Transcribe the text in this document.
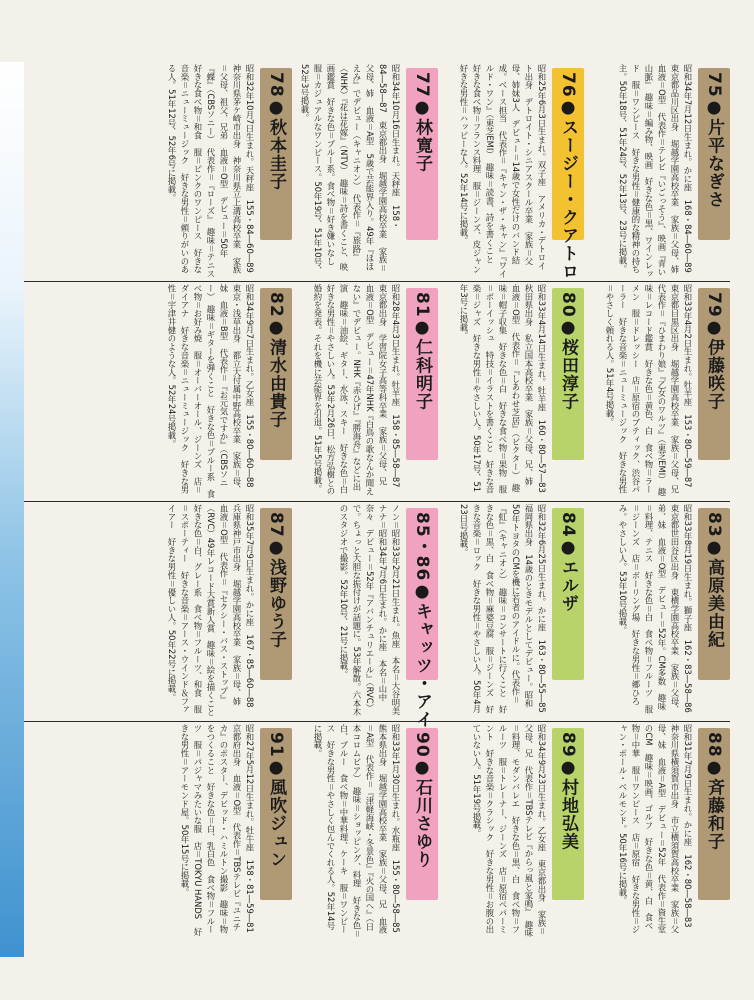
75●片平なぎさ
昭和34年7月12日生まれ。かに座　168・84―60―89　東京都品川区出身　堀越学園高校卒業　家族＝父母、姉　血液＝O型　代表作＝テレビ『いごっそう』、映画『青い山脈』　趣味＝編み物、映画　好きな色＝黒、ワインレッド　服＝ワンピース　好きな男性＝健康的な精神の持ち主。50年18号、51年24号、52年13号、23号に掲載。
79●伊藤咲子
昭和33年4月2日生まれ。牡羊座　153・80―59―87　東京都目黒区出身　堀越学園高校卒業　家族＝父母、兄　代表作＝『ひまわり娘』『乙女のワルツ』（東芝EMI）　趣味＝レコード鑑賞　好きな色＝黄色、白　食べ物＝ラーメン　服＝ドレッシー　店＝原宿のブティック、渋谷パーラー　好きな音楽＝ニューミュージック　好きな男性＝やさしく頼れる人。51年4号掲載。
83●高原美由紀
昭和33年8月19日生まれ。獅子座　162・83―58―86　東京都世田谷区出身　東横学園高校卒業　家族＝父母、弟、妹　血液＝O型　デビュー＝52年。CM多数　趣味＝料理、テニス　好きな色＝白　食べ物＝フルーツ　服＝ジーンズ　店＝ボーリング場　好きな男性＝郷ひろみ。やさしい人。53年10号掲載。
88●斉藤和子
昭和31年7月9日生まれ。かに座　162・80―58―83　神奈川県横須賀市出身　市立横須賀高校卒業　家族＝父母、妹　血液＝A型　デビュー＝52年　代表作＝資生堂のCM　趣味＝映画、ゴルフ　好きな色＝黄、白　食べ物＝中華　服＝ワンピース　店＝原宿　好きな男性＝ジャン・ポール・ベルモンド。50年16号に掲載。
76●スージー・クアトロ
昭和25年6月3日生まれ。双子座　アメリカ・デトロイト出身　デトロイト・シニアスクール卒業　家族＝父母、姉妹3人　デビュー＝14歳で女性だけのバンド結成。ベース担当　代表作＝『キャン・ザ・キャン』『ワイルド・ワン』（東芝EMI）　趣味＝読書、詩を書くこと　好きな食べ物＝フランス料理　服＝ジーンズ、皮ジャン　好きな男性＝ハッピーな人。52年14号に掲載。
80●桜田淳子
昭和33年4月14日生まれ。牡羊座　160・80―57―83　秋田県出身　私立国本高校卒業　家族＝父母、兄、姉　血液＝O型　代表作＝『しあわせ芝居』（ビクター）　趣味＝帽子収集　好きな色＝白　好きな食べ物＝果物　服＝ボーイッシュ　特技＝イラストを書くこと　好きな音楽＝ジャズ　好きな男性＝やさしい人。50年17号、51年3号に掲載。
84●エルザ
昭和32年6月25日生まれ。かに座　163・80―55―85　福岡県出身　14歳のときモデルとしてデビュー。昭和50年トヨタのCMを機に若者のアイドルに。代表作＝『虹』（キャニオン）　趣味＝コンサートに行くこと　好きな色＝黒、白　食べ物＝麻婆豆腐　服＝ジーンズ　好きな音楽＝ロック　好きな男性＝やさしい人。50年4月23日号掲載。
89●村地弘美
昭和34年9月23日生まれ。乙女座　東京都出身　家族＝父母、兄　代表作＝TBSテレビ『からっ風と家鳴』　趣味＝料理、モダンバレエ　好きな色＝黒、白　食べ物＝フルーツ　服＝トレーナー、ジーンズ　店＝原宿ペパーミント　好きな音楽＝クラシック　好きな男性＝お腹の出ていない人。51年19号掲載。
77●林寛子
昭和34年10月16日生まれ。天秤座　158・84―58―87　東京都出身　堀越学園高校卒業　家族＝父母、姉　血液＝A型　5歳で芸能界入り。49年『ほほえみ』でデビュー（キャニオン）　代表作＝『旅路』（NHK）『花は花嫁』（NTV）　趣味＝詩を書くこと、映画鑑賞　好きな色＝ブルー系。食べ物＝好き嫌いなし　服＝カジュアルなワンピース。50年19号、51年10号、52年3号掲載。
81●仁科明子
昭和28年4月3日生まれ。牡羊座　158・85―58―87　東京都出身　学習院女子高等科卒業　家族＝父母、兄　血液＝O型　デビュー＝47年NHK『白鳥の歌なんか聞えない』でデビュー。NHK『赤ひげ』『勝海舟』などに出演　趣味＝油絵、ギター、水泳、スキー　好きな色＝白　好きな男性＝やさしい人。53年2月26日、松方弘樹との婚約を発表。それを機に芸能界を引退。51年5号掲載。
85・86●キャッツ・アイ
ノン＝昭和33年2月21日生まれ。魚座　本名＝大谷明美　ナナ＝昭和34年7月6日生まれ。かに座　本名＝山中奈々　デビュー＝52年『アバンチュリエール』（RVC）で。ちょっと大胆な振付けが話題に。53年解散。六本木のスタジオで撮影。52年10号、21号に掲載。
90●石川さゆり
昭和33年1月30日生まれ。水瓶座　155・80―58―85　熊本県出身　堀越学園高校卒業　家族＝父母、兄　血液＝A型　代表作＝『津軽海峡・冬景色』『火の国へ』（日本コロムビア）　趣味＝ショッピング、料理　好きな色＝白、ブルー　食べ物＝中華料理、ケーキ　服＝ワンピース　好きな男性＝やさしく包んでくれる人。52年14号に掲載。
78●秋本圭子
昭和32年10月7日生まれ。天秤座　155・84―60―89　神奈川県茅ケ崎市出身　神奈川県立上溝高校卒業　家族＝父母、祖父、兄弟　血液＝O型　デビュー＝50年『蝶』（CBSソニー）　代表作＝『ローズ』　趣味＝テニス　好きな食べ物＝和食　服＝ピンクのワンピース　好きな音楽＝ニューミュージック　好きな男性＝頼りがいのある人。51年12号、52年6号に掲載。
82●清水由貴子
昭和34年9月7日生まれ。乙女座　155・80―60―88　東京・浅草出身　都立大付属中野高校卒業　家族＝母、妹　血液＝B型　代表作＝『お元気ですか』（CBSソニー）　趣味＝ギターを弾くこと　好きな色＝ブルー系　食べ物＝お好み焼　服＝オーバーオール、ジーンズ　店＝ダイアナ　好きな音楽＝ニューミュージック　好きな男性＝宇津井健のような人。52年24号掲載。
87●浅野ゆう子
昭和35年7月9日生まれ。かに座　167・85―60―88　兵庫県神戸市出身　堀越学園高校卒業　家族＝母、姉　血液＝O型　代表作＝『セクシー・バス・ストップ』（RVC）49年レコード大賞新人賞　趣味＝絵を描くこと　好きな色＝白、グレー系　食べ物＝フルーツ、和食　服＝スポーティー　好きな音楽＝アース・ウインド＆ファイアー　好きな男性＝優しい人。50年22号に掲載。
91●風吹ジュン
昭和27年5月12日生まれ。牡牛座　158・81―59―81　京都府出身　血液＝O型　代表作＝TBSテレビ『ユニチカ』のポスター、デビッド・ハミルトン撮影　趣味＝物をつくること　好きな色＝白、乳白色　食べ物＝フルーツ　服＝パジャマみたいな服　店＝TOKYU HANDS　好きな男性＝アーモンド屋。50年15号に掲載。
